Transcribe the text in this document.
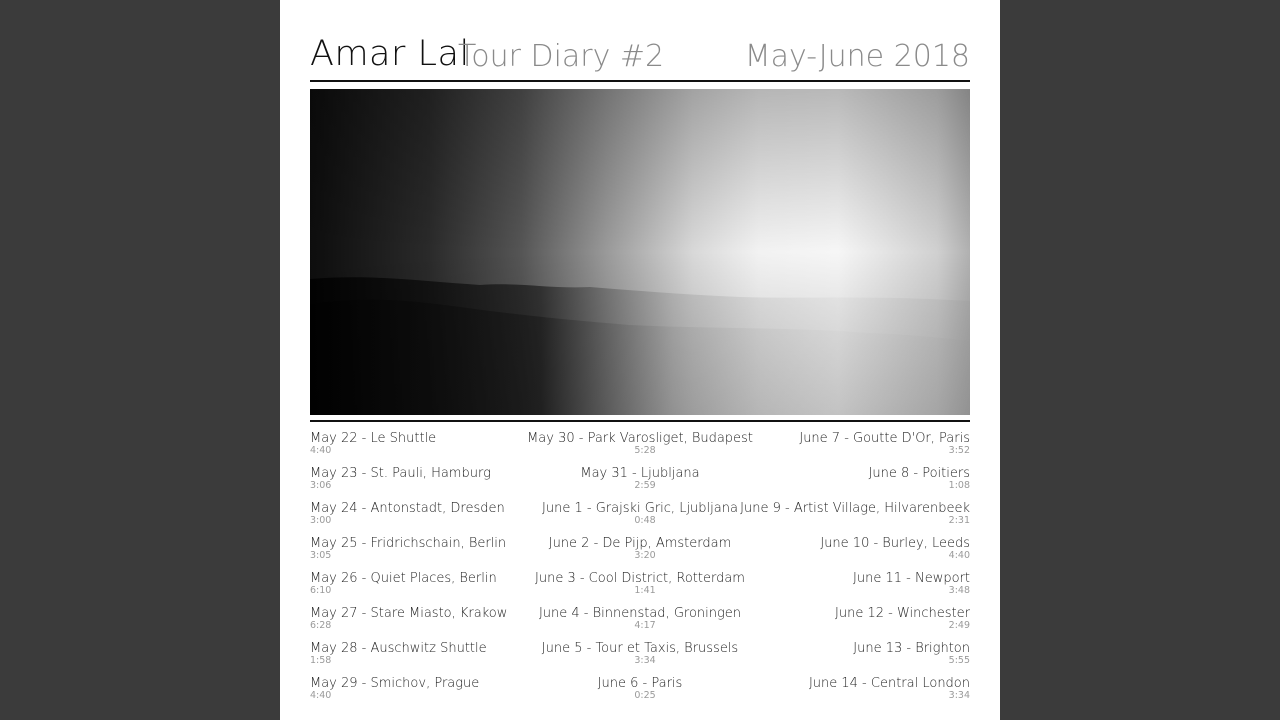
Amar Lal
Tour Diary #2	May-June 2018
May 22 - Le Shuttle
4:40
May 23 - St. Pauli, Hamburg
3:06
May 24 - Antonstadt, Dresden
3:00
May 25 - Fridrichschain, Berlin
3:05
May 26 - Quiet Places, Berlin
6:10
May 27 - Stare Miasto, Krakow
6:28
May 28 - Auschwitz Shuttle
1:58
May 29 - Smichov, Prague
4:40
May 30 - Park Varosliget, Budapest
5:28
May 31 - Ljubljana
2:59
June 1 - Grajski Gric, Ljubljana
0:48
June 2 - De Pijp, Amsterdam
3:20
June 3 - Cool District, Rotterdam
1:41
June 4 - Binnenstad, Groningen
4:17
June 5 - Tour et Taxis, Brussels
3:34
June 6 - Paris
0:25
June 7 - Goutte D'Or, Paris
3:52
June 8 - Poitiers
1:08
June 9 - Artist Village, Hilvarenbeek
2:31
June 10 - Burley, Leeds
4:40
June 11 - Newport
3:48
June 12 - Winchester
2:49
June 13 - Brighton
5:55
June 14 - Central London
3:34
